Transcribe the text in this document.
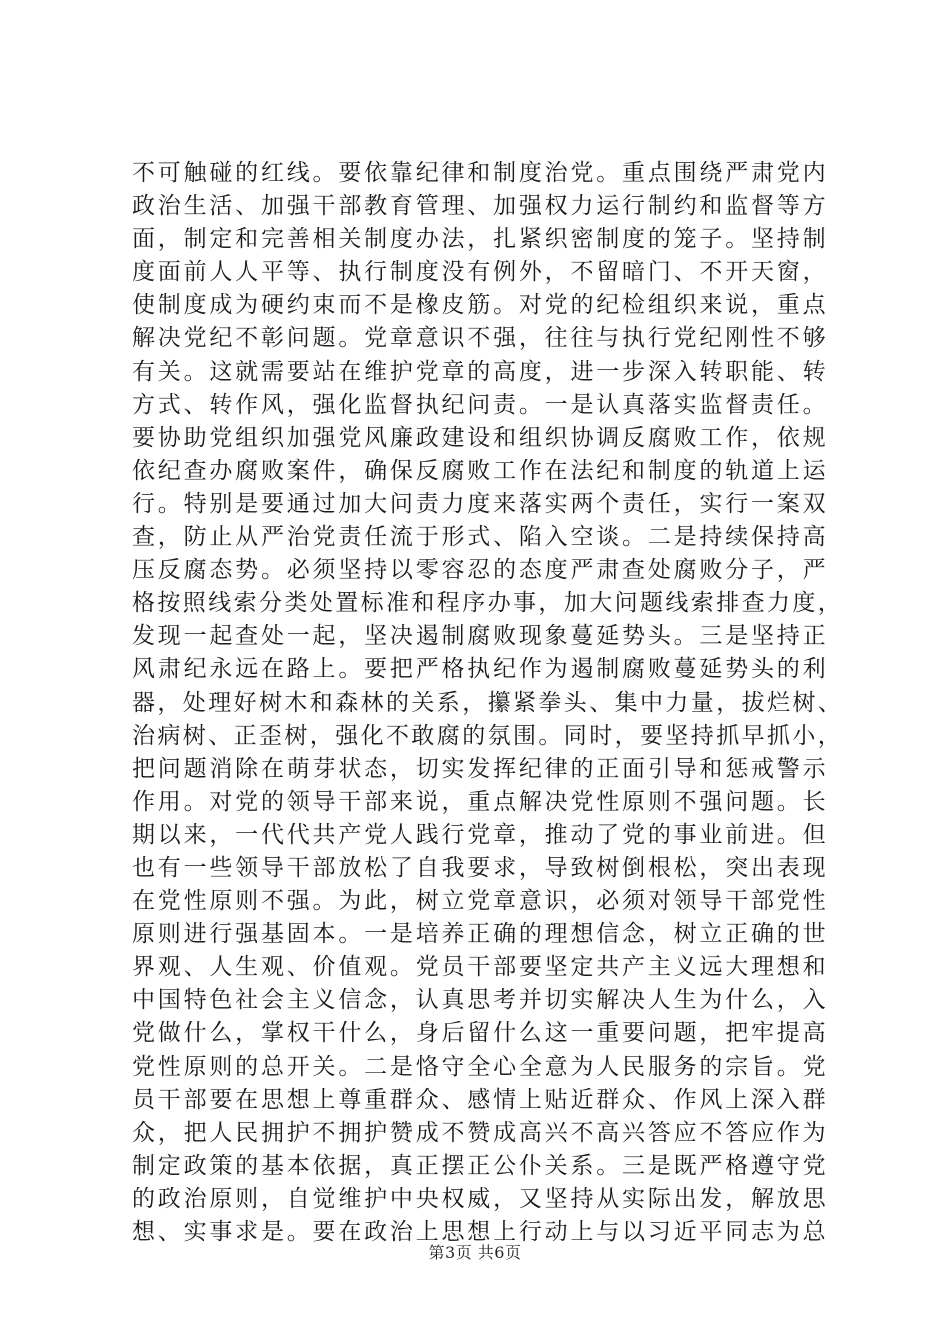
不可触碰的红线。要依靠纪律和制度治党。重点围绕严肃党内
政治生活、加强干部教育管理、加强权力运行制约和监督等方
面，制定和完善相关制度办法，扎紧织密制度的笼子。坚持制
度面前人人平等、执行制度没有例外，不留暗门、不开天窗，
使制度成为硬约束而不是橡皮筋。对党的纪检组织来说，重点
解决党纪不彰问题。党章意识不强，往往与执行党纪刚性不够
有关。这就需要站在维护党章的高度，进一步深入转职能、转
方式、转作风，强化监督执纪问责。一是认真落实监督责任。
要协助党组织加强党风廉政建设和组织协调反腐败工作，依规
依纪查办腐败案件，确保反腐败工作在法纪和制度的轨道上运
行。特别是要通过加大问责力度来落实两个责任，实行一案双
查，防止从严治党责任流于形式、陷入空谈。二是持续保持高
压反腐态势。必须坚持以零容忍的态度严肃查处腐败分子，严
格按照线索分类处置标准和程序办事，加大问题线索排查力度，
发现一起查处一起，坚决遏制腐败现象蔓延势头。三是坚持正
风肃纪永远在路上。要把严格执纪作为遏制腐败蔓延势头的利
器，处理好树木和森林的关系，攥紧拳头、集中力量，拔烂树、
治病树、正歪树，强化不敢腐的氛围。同时，要坚持抓早抓小，
把问题消除在萌芽状态，切实发挥纪律的正面引导和惩戒警示
作用。对党的领导干部来说，重点解决党性原则不强问题。长
期以来，一代代共产党人践行党章，推动了党的事业前进。但
也有一些领导干部放松了自我要求，导致树倒根松，突出表现
在党性原则不强。为此，树立党章意识，必须对领导干部党性
原则进行强基固本。一是培养正确的理想信念，树立正确的世
界观、人生观、价值观。党员干部要坚定共产主义远大理想和
中国特色社会主义信念，认真思考并切实解决人生为什么，入
党做什么，掌权干什么，身后留什么这一重要问题，把牢提高
党性原则的总开关。二是恪守全心全意为人民服务的宗旨。党
员干部要在思想上尊重群众、感情上贴近群众、作风上深入群
众，把人民拥护不拥护赞成不赞成高兴不高兴答应不答应作为
制定政策的基本依据，真正摆正公仆关系。三是既严格遵守党
的政治原则，自觉维护中央权威，又坚持从实际出发，解放思
想、实事求是。要在政治上思想上行动上与以习近平同志为总
第3页 共6页
